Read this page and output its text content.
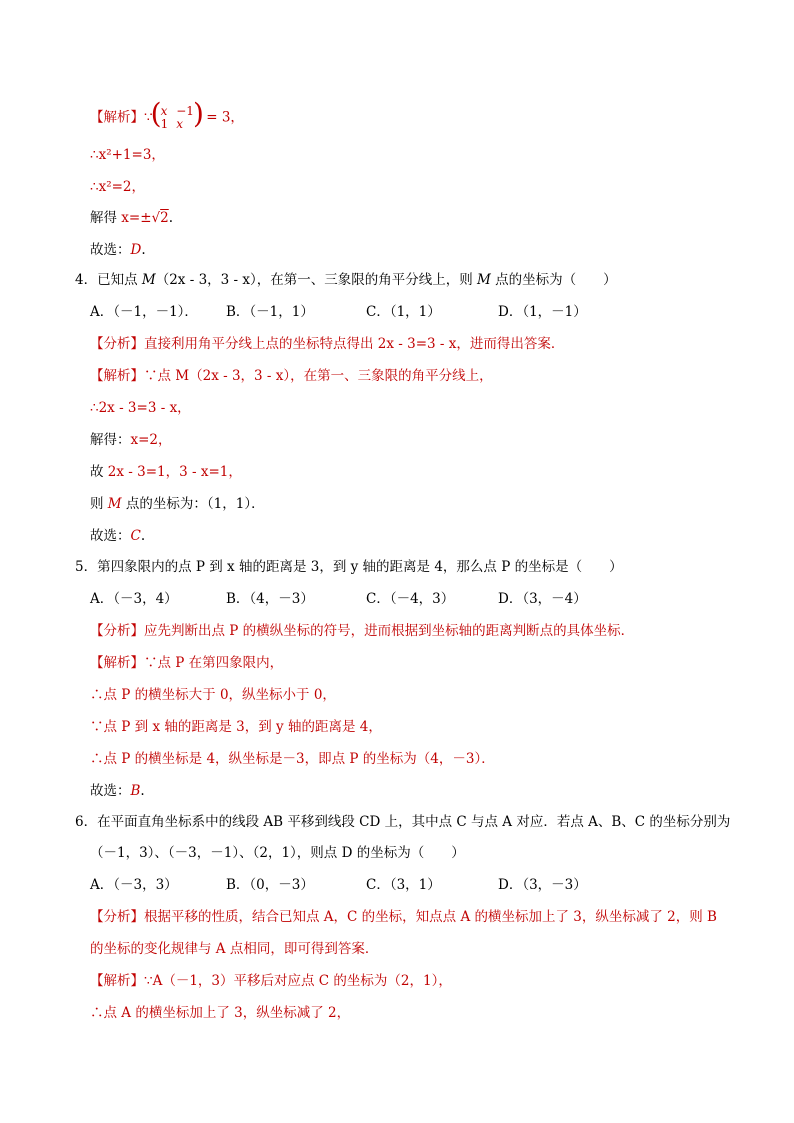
【解析】∵
( x −1
1 x )
= 3，
∴x²+1=3，
∴x²=2，
解得 x=±√2.
故选：D.
4．已知点 M（2x - 3，3 - x），在第一、三象限的角平分线上，则 M 点的坐标为（　　）
A．（－1，－1）． B．（－1，1）	C．（1，1）	D．（1，－1）
【分析】直接利用角平分线上点的坐标特点得出 2x - 3=3 - x，进而得出答案．
【解析】∵点 M（2x - 3，3 - x），在第一、三象限的角平分线上，
∴2x - 3=3 - x，
解得：x=2，
故 2x - 3=1，3 - x=1，
则 M 点的坐标为：（1，1）．
故选：C.
5．第四象限内的点 P 到 x 轴的距离是 3，到 y 轴的距离是 4，那么点 P 的坐标是（　　）
A．（－3，4）	B．（4，－3）	C．（－4，3）	D．（3，－4）
【分析】应先判断出点 P 的横纵坐标的符号，进而根据到坐标轴的距离判断点的具体坐标．
【解析】∵点 P 在第四象限内，
∴点 P 的横坐标大于 0，纵坐标小于 0，
∵点 P 到 x 轴的距离是 3，到 y 轴的距离是 4，
∴点 P 的横坐标是 4，纵坐标是－3，即点 P 的坐标为（4，－3）．
故选：B.
6．在平面直角坐标系中的线段 AB 平移到线段 CD 上，其中点 C 与点 A 对应．若点 A、B、C 的坐标分别为
（－1，3）、（－3，－1）、（2，1），则点 D 的坐标为（　　）
A．（－3，3）	B．（0，－3）	C．（3，1）	D．（3，－3）
【分析】根据平移的性质，结合已知点 A，C 的坐标，知点点 A 的横坐标加上了 3，纵坐标减了 2，则 B
的坐标的变化规律与 A 点相同，即可得到答案．
【解析】∵A（－1，3）平移后对应点 C 的坐标为（2，1），
∴点 A 的横坐标加上了 3，纵坐标减了 2，
